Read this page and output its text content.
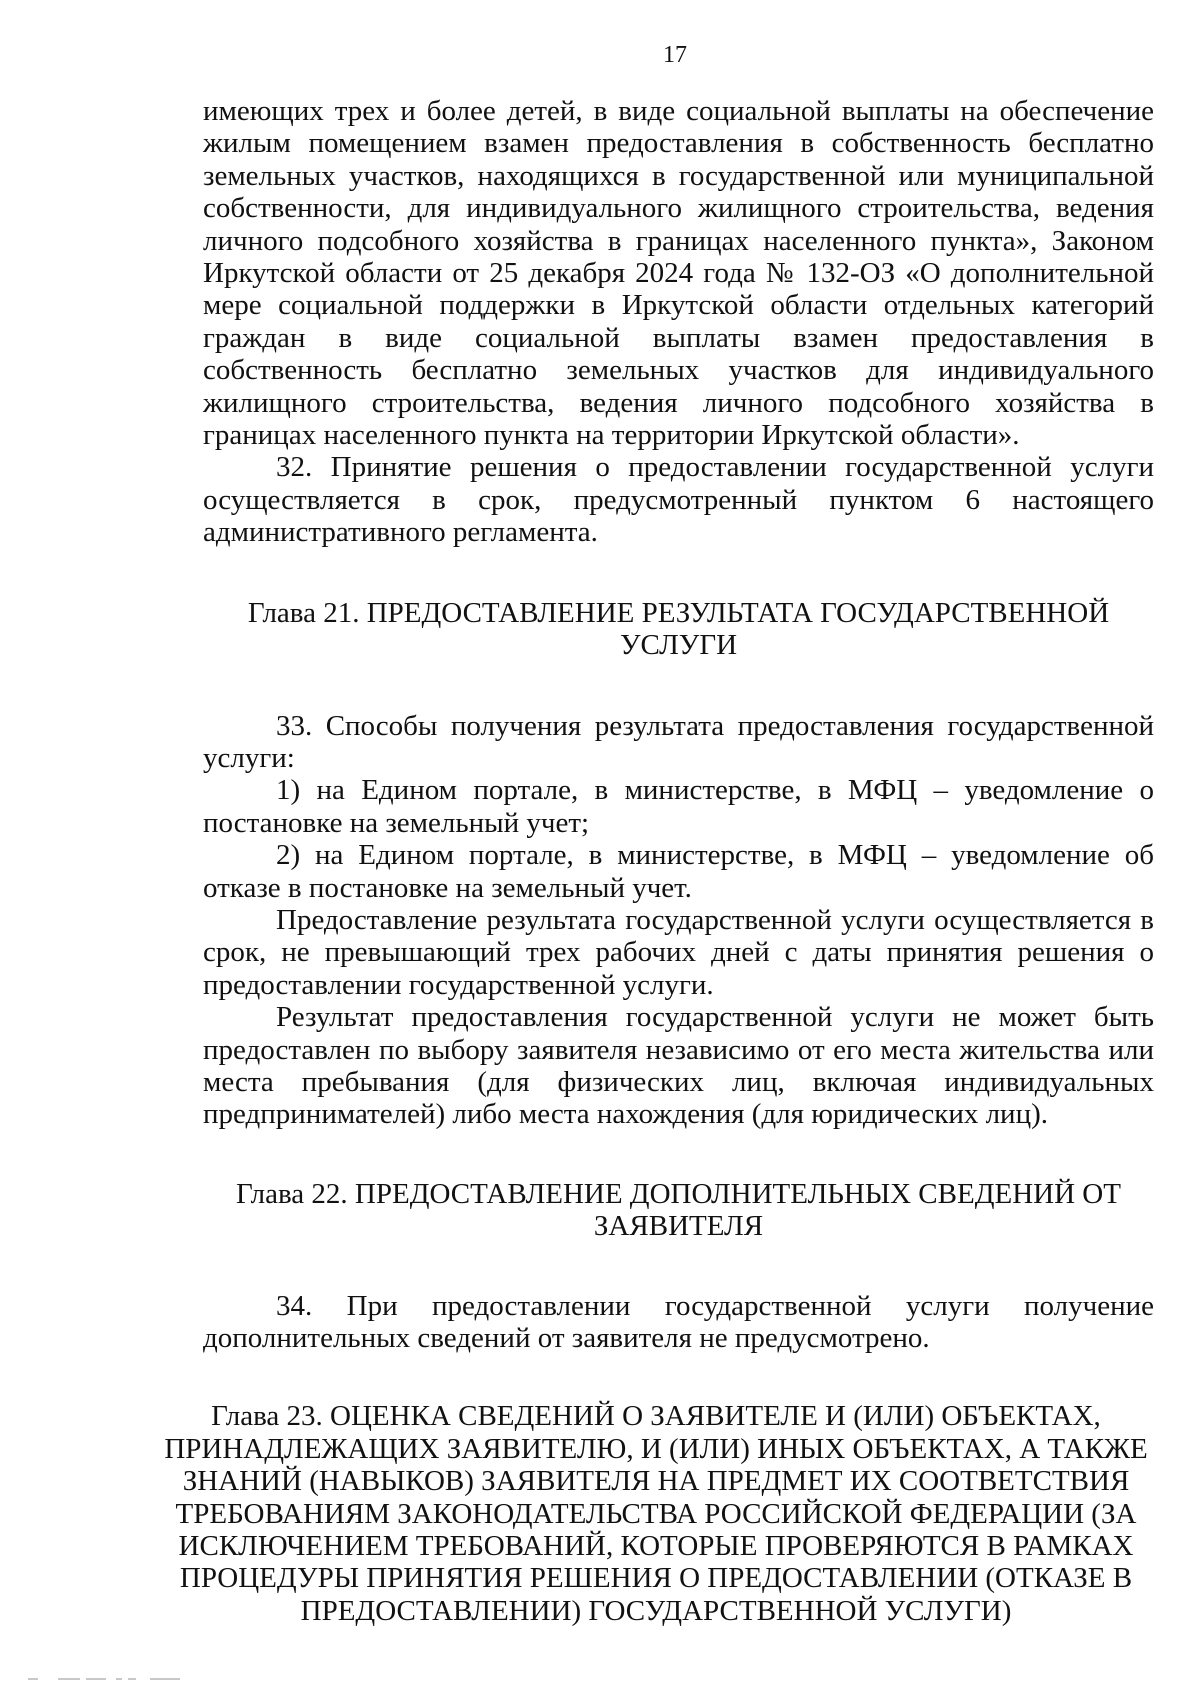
17

имеющих трех и более детей, в виде социальной выплаты на обеспечение жилым помещением взамен предоставления в собственность бесплатно земельных участков, находящихся в государственной или муниципальной собственности, для индивидуального жилищного строительства, ведения личного подсобного хозяйства в границах населенного пункта», Законом Иркутской области от 25 декабря 2024 года № 132-ОЗ «О дополнительной мере социальной поддержки в Иркутской области отдельных категорий граждан в виде социальной выплаты взамен предоставления в собственность бесплатно земельных участков для индивидуального жилищного строительства, ведения личного подсобного хозяйства в границах населенного пункта на территории Иркутской области».

32. Принятие решения о предоставлении государственной услуги осуществляется в срок, предусмотренный пунктом 6 настоящего административного регламента.

Глава 21. ПРЕДОСТАВЛЕНИЕ РЕЗУЛЬТАТА ГОСУДАРСТВЕННОЙ УСЛУГИ

33. Способы получения результата предоставления государственной услуги:

1) на Едином портале, в министерстве, в МФЦ – уведомление о постановке на земельный учет;

2) на Едином портале, в министерстве, в МФЦ – уведомление об отказе в постановке на земельный учет.

Предоставление результата государственной услуги осуществляется в срок, не превышающий трех рабочих дней с даты принятия решения о предоставлении государственной услуги.

Результат предоставления государственной услуги не может быть предоставлен по выбору заявителя независимо от его места жительства или места пребывания (для физических лиц, включая индивидуальных предпринимателей) либо места нахождения (для юридических лиц).

Глава 22. ПРЕДОСТАВЛЕНИЕ ДОПОЛНИТЕЛЬНЫХ СВЕДЕНИЙ ОТ ЗАЯВИТЕЛЯ

34. При предоставлении государственной услуги получение дополнительных сведений от заявителя не предусмотрено.

Глава 23. ОЦЕНКА СВЕДЕНИЙ О ЗАЯВИТЕЛЕ И (ИЛИ) ОБЪЕКТАХ, ПРИНАДЛЕЖАЩИХ ЗАЯВИТЕЛЮ, И (ИЛИ) ИНЫХ ОБЪЕКТАХ, А ТАКЖЕ ЗНАНИЙ (НАВЫКОВ) ЗАЯВИТЕЛЯ НА ПРЕДМЕТ ИХ СООТВЕТСТВИЯ ТРЕБОВАНИЯМ ЗАКОНОДАТЕЛЬСТВА РОССИЙСКОЙ ФЕДЕРАЦИИ (ЗА ИСКЛЮЧЕНИЕМ ТРЕБОВАНИЙ, КОТОРЫЕ ПРОВЕРЯЮТСЯ В РАМКАХ ПРОЦЕДУРЫ ПРИНЯТИЯ РЕШЕНИЯ О ПРЕДОСТАВЛЕНИИ (ОТКАЗЕ В ПРЕДОСТАВЛЕНИИ) ГОСУДАРСТВЕННОЙ УСЛУГИ)
